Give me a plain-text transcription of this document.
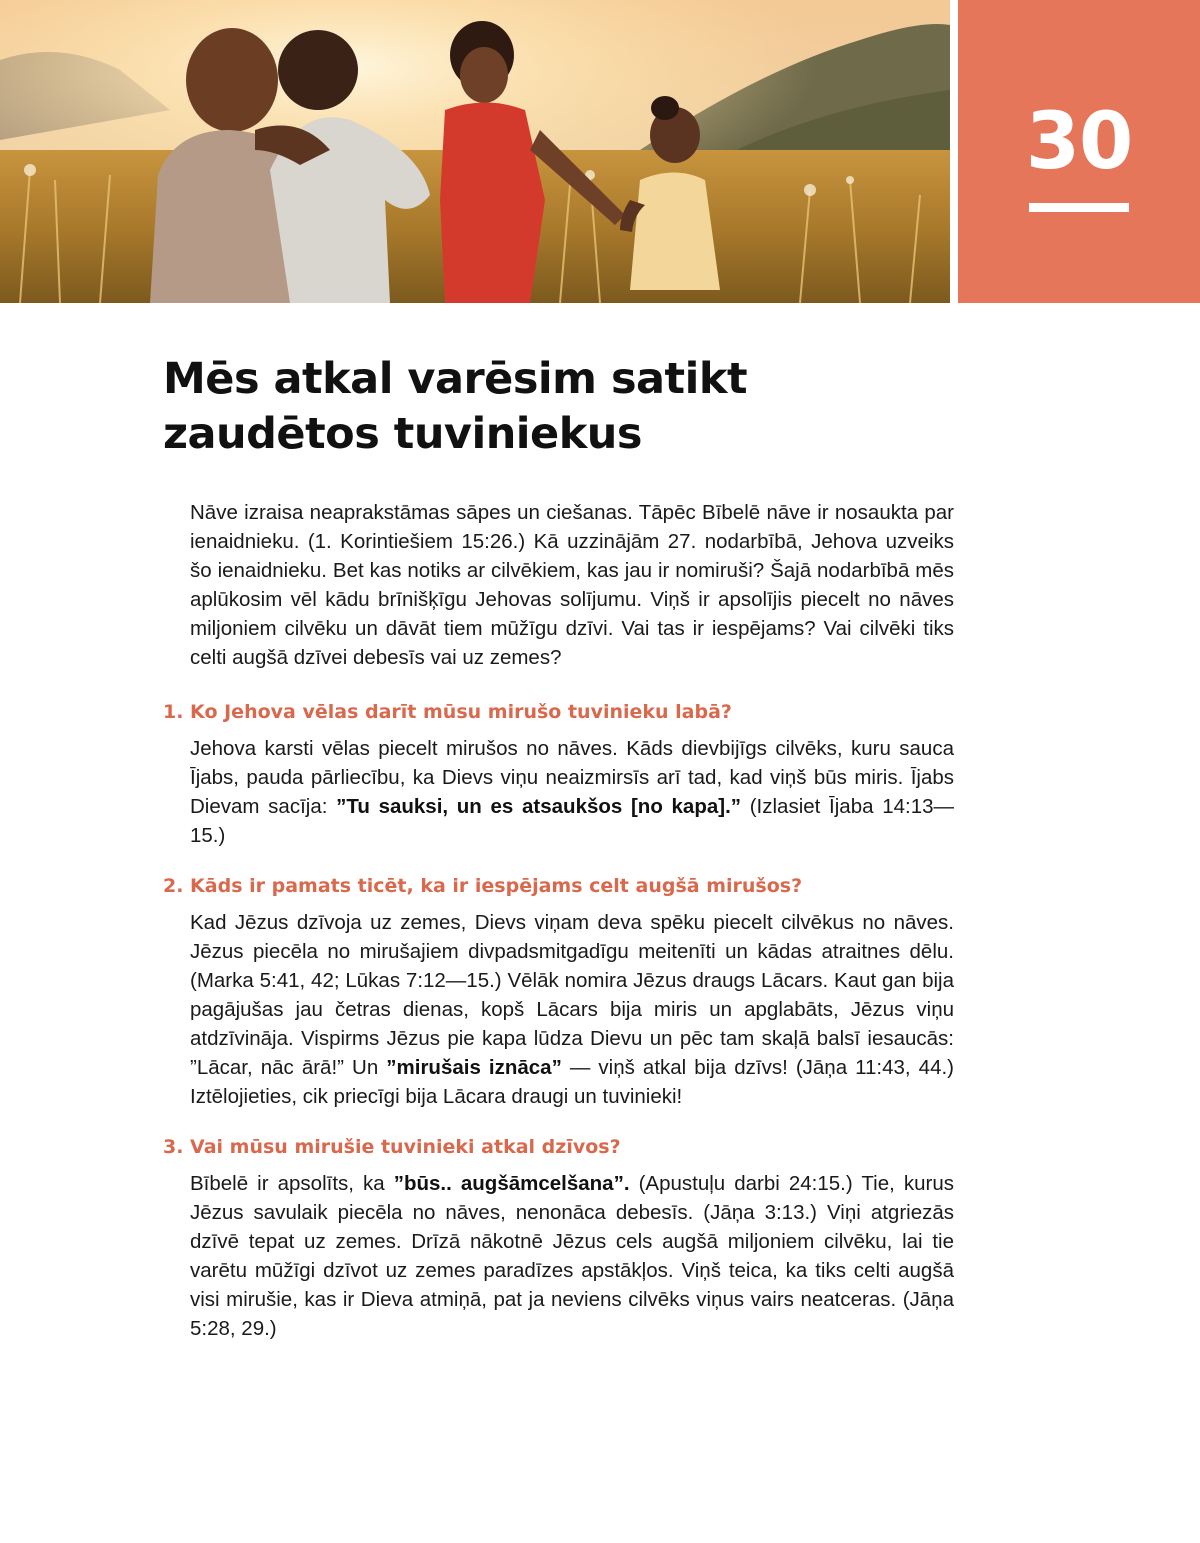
30
Mēs atkal varēsim satikt
zaudētos tuviniekus

Nāve izraisa neaprakstāmas sāpes un ciešanas. Tāpēc Bībelē nāve ir nosaukta par ienaidnieku. (1. Korintiešiem 15:26.) Kā uzzinājām 27. nodarbībā, Jehova uzveiks šo ienaidnieku. Bet kas notiks ar cilvēkiem, kas jau ir nomiruši? Šajā nodarbībā mēs aplūkosim vēl kādu brīnišķīgu Jehovas solījumu. Viņš ir apsolījis piecelt no nāves miljoniem cilvēku un dāvāt tiem mūžīgu dzīvi. Vai tas ir iespējams? Vai cilvēki tiks celti augšā dzīvei debesīs vai uz zemes?

1. Ko Jehova vēlas darīt mūsu mirušo tuvinieku labā?

Jehova karsti vēlas piecelt mirušos no nāves. Kāds dievbijīgs cilvēks, kuru sauca Ījabs, pauda pārliecību, ka Dievs viņu neaizmirsīs arī tad, kad viņš būs miris. Ījabs Dievam sacīja: ”Tu sauksi, un es atsaukšos [no kapa].” (Izlasiet Ījaba 14:13—15.)

2. Kāds ir pamats ticēt, ka ir iespējams celt augšā mirušos?

Kad Jēzus dzīvoja uz zemes, Dievs viņam deva spēku piecelt cilvēkus no nāves. Jēzus piecēla no mirušajiem divpadsmitgadīgu meitenīti un kādas atraitnes dēlu. (Marka 5:41, 42; Lūkas 7:12—15.) Vēlāk nomira Jēzus draugs Lācars. Kaut gan bija pagājušas jau četras dienas, kopš Lācars bija miris un apglabāts, Jēzus viņu atdzīvināja. Vispirms Jēzus pie kapa lūdza Dievu un pēc tam skaļā balsī iesaucās: ”Lācar, nāc ārā!” Un ”mirušais iznāca” — viņš atkal bija dzīvs! (Jāņa 11:43, 44.) Iztēlojieties, cik priecīgi bija Lācara draugi un tuvinieki!

3. Vai mūsu mirušie tuvinieki atkal dzīvos?

Bībelē ir apsolīts, ka ”būs.. augšāmcelšana”. (Apustuļu darbi 24:15.) Tie, kurus Jēzus savulaik piecēla no nāves, nenonāca debesīs. (Jāņa 3:13.) Viņi atgriezās dzīvē tepat uz zemes. Drīzā nākotnē Jēzus cels augšā miljoniem cilvēku, lai tie varētu mūžīgi dzīvot uz zemes paradīzes apstākļos. Viņš teica, ka tiks celti augšā visi mirušie, kas ir Dieva atmiņā, pat ja neviens cilvēks viņus vairs neatceras. (Jāņa 5:28, 29.)
